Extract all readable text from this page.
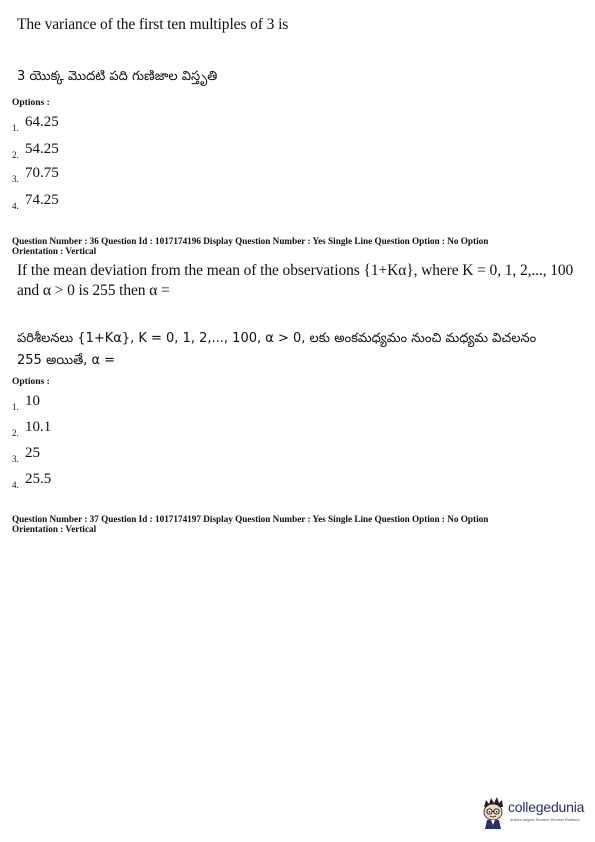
The variance of the first ten multiples of 3 is
3 యొక్క మొదటి పది గుణిజాల విస్తృతి
Options :
1. 64.25
2. 54.25
3. 70.75
4. 74.25
Question Number : 36 Question Id : 1017174196 Display Question Number : Yes Single Line Question Option : No Option
Orientation : Vertical
If the mean deviation from the mean of the observations {1+Kα}, where K = 0, 1, 2,..., 100
and α > 0 is 255 then α =
పరిశీలనలు {1+Kα}, K = 0, 1, 2,..., 100, α > 0, లకు అంకమధ్యమం నుంచి మధ్యమ విచలనం
255 అయితే, α =
Options :
1. 10
2. 10.1
3. 25
4. 25.5
Question Number : 37 Question Id : 1017174197 Display Question Number : Yes Single Line Question Option : No Option
Orientation : Vertical
collegedunia
India's largest Student Review Platform
